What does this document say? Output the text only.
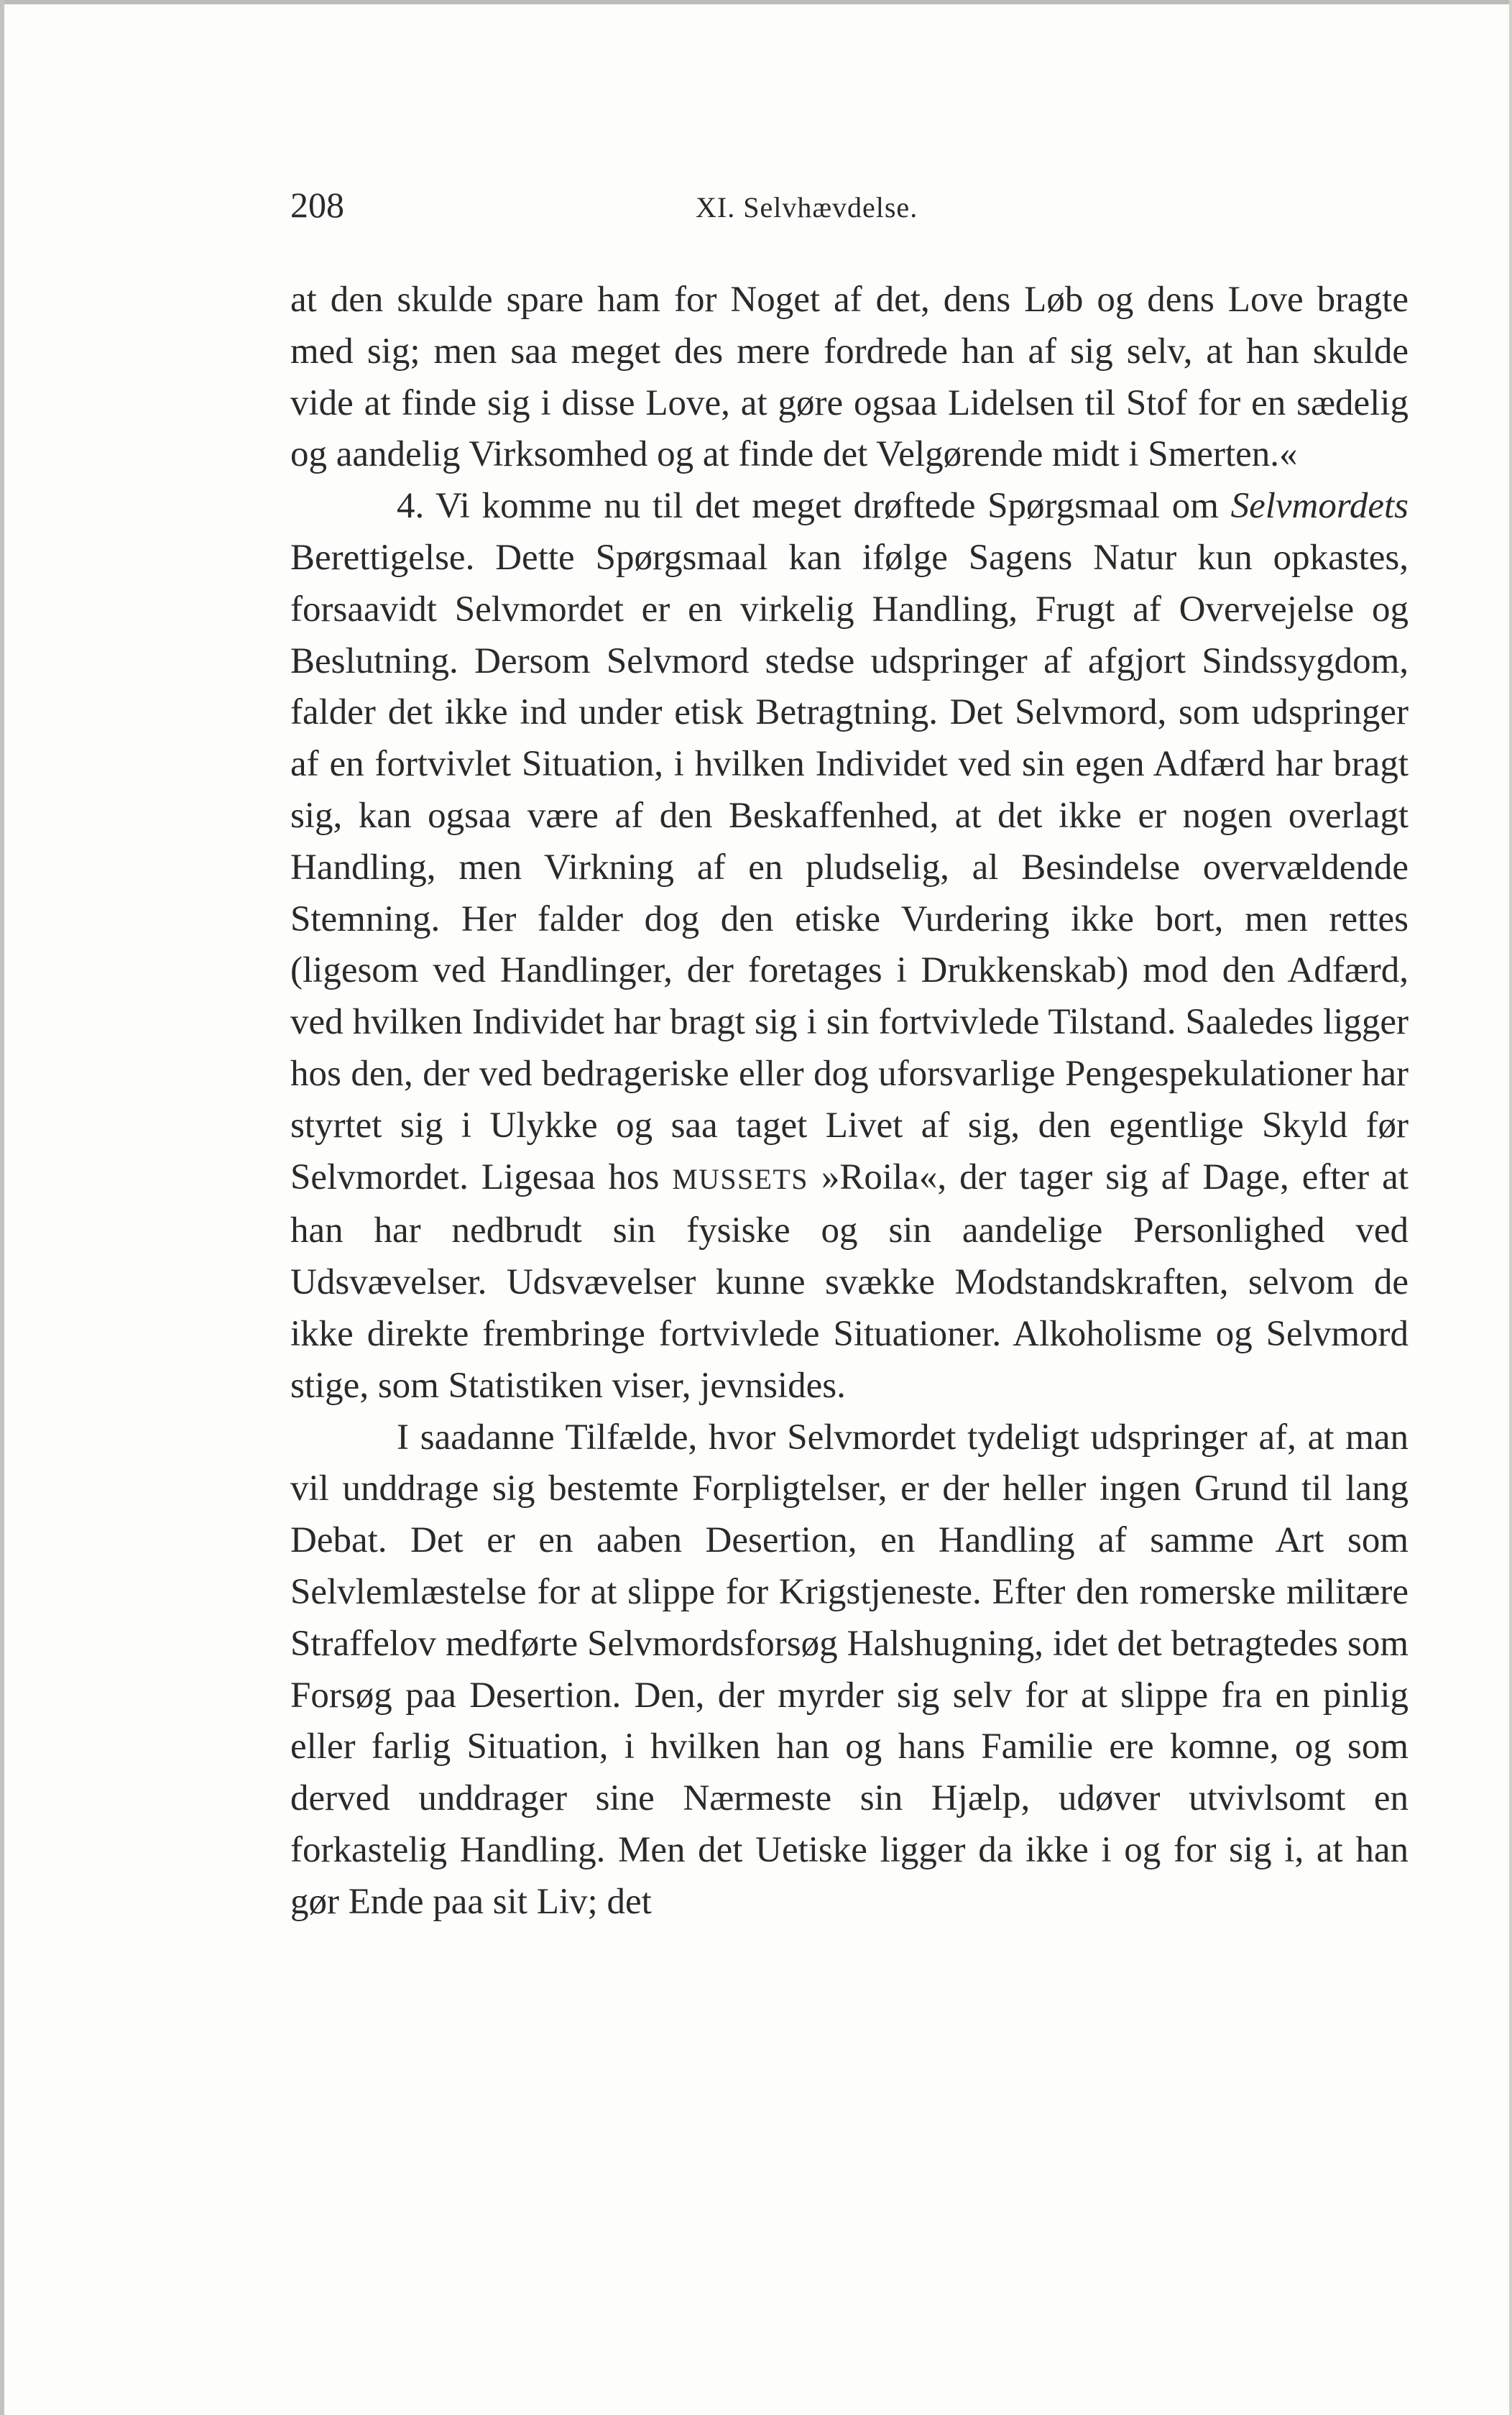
208	XI. Selvhævdelse.

at den skulde spare ham for Noget af det, dens Løb og dens Love bragte med sig; men saa meget des mere fordrede han af sig selv, at han skulde vide at finde sig i disse Love, at gøre ogsaa Lidelsen til Stof for en sædelig og aandelig Virksomhed og at finde det Velgørende midt i Smerten.«

4. Vi komme nu til det meget drøftede Spørgsmaal om Selvmordets Berettigelse. Dette Spørgsmaal kan ifølge Sagens Natur kun opkastes, forsaavidt Selvmordet er en virkelig Handling, Frugt af Overvejelse og Beslutning. Dersom Selvmord stedse udspringer af afgjort Sindssygdom, falder det ikke ind under etisk Betragtning. Det Selvmord, som udspringer af en fortvivlet Situation, i hvilken Individet ved sin egen Adfærd har bragt sig, kan ogsaa være af den Beskaffenhed, at det ikke er nogen overlagt Handling, men Virkning af en pludselig, al Besindelse overvældende Stemning. Her falder dog den etiske Vurdering ikke bort, men rettes (ligesom ved Handlinger, der foretages i Drukkenskab) mod den Adfærd, ved hvilken Individet har bragt sig i sin fortvivlede Tilstand. Saaledes ligger hos den, der ved bedrageriske eller dog uforsvarlige Pengespekulationer har styrtet sig i Ulykke og saa taget Livet af sig, den egentlige Skyld før Selvmordet. Ligesaa hos MUSSETS »Roila«, der tager sig af Dage, efter at han har nedbrudt sin fysiske og sin aandelige Personlighed ved Udsvævelser. Udsvævelser kunne svække Modstandskraften, selvom de ikke direkte frembringe fortvivlede Situationer. Alkoholisme og Selvmord stige, som Statistiken viser, jevnsides.

I saadanne Tilfælde, hvor Selvmordet tydeligt udspringer af, at man vil unddrage sig bestemte Forpligtelser, er der heller ingen Grund til lang Debat. Det er en aaben Desertion, en Handling af samme Art som Selvlemlæstelse for at slippe for Krigstjeneste. Efter den romerske militære Straffelov medførte Selvmordsforsøg Halshugning, idet det betragtedes som Forsøg paa Desertion. Den, der myrder sig selv for at slippe fra en pinlig eller farlig Situation, i hvilken han og hans Familie ere komne, og som derved unddrager sine Nærmeste sin Hjælp, udøver utvivlsomt en forkastelig Handling. Men det Uetiske ligger da ikke i og for sig i, at han gør Ende paa sit Liv; det
